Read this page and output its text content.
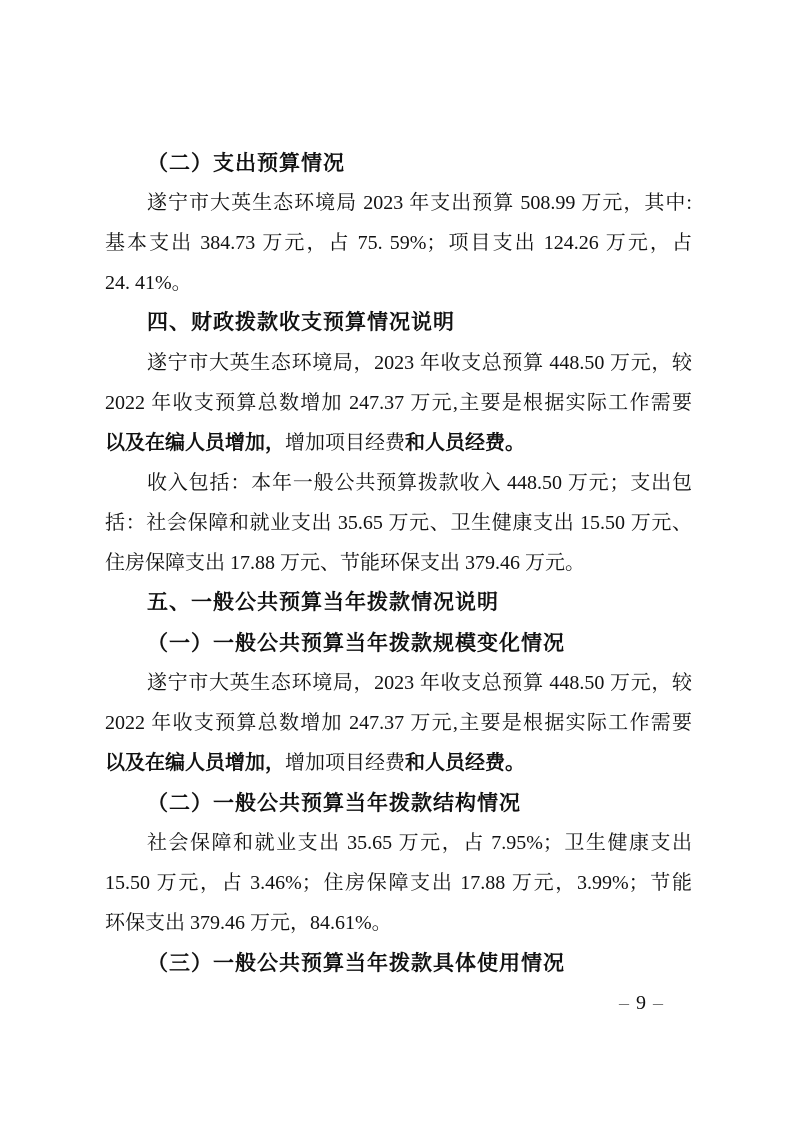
（二）支出预算情况
遂宁市大英生态环境局 2023 年支出预算 508.99 万元，其中:
基本支出 384.73 万元，占 75. 59%；项目支出 124.26 万元，占
24. 41%。
四、财政拨款收支预算情况说明
遂宁市大英生态环境局，2023 年收支总预算 448.50 万元，较
2022 年收支预算总数增加 247.37 万元,主要是根据实际工作需要
以及在编人员增加，增加项目经费和人员经费。
收入包括：本年一般公共预算拨款收入 448.50 万元；支出包
括：社会保障和就业支出 35.65 万元、卫生健康支出 15.50 万元、
住房保障支出 17.88 万元、节能环保支出 379.46 万元。
五、一般公共预算当年拨款情况说明
（一）一般公共预算当年拨款规模变化情况
遂宁市大英生态环境局，2023 年收支总预算 448.50 万元，较
2022 年收支预算总数增加 247.37 万元,主要是根据实际工作需要
以及在编人员增加，增加项目经费和人员经费。
（二）一般公共预算当年拨款结构情况
社会保障和就业支出 35.65 万元，占 7.95%；卫生健康支出
15.50 万元，占 3.46%；住房保障支出 17.88 万元，3.99%；节能
环保支出 379.46 万元，84.61%。
（三）一般公共预算当年拨款具体使用情况
– 9 –
